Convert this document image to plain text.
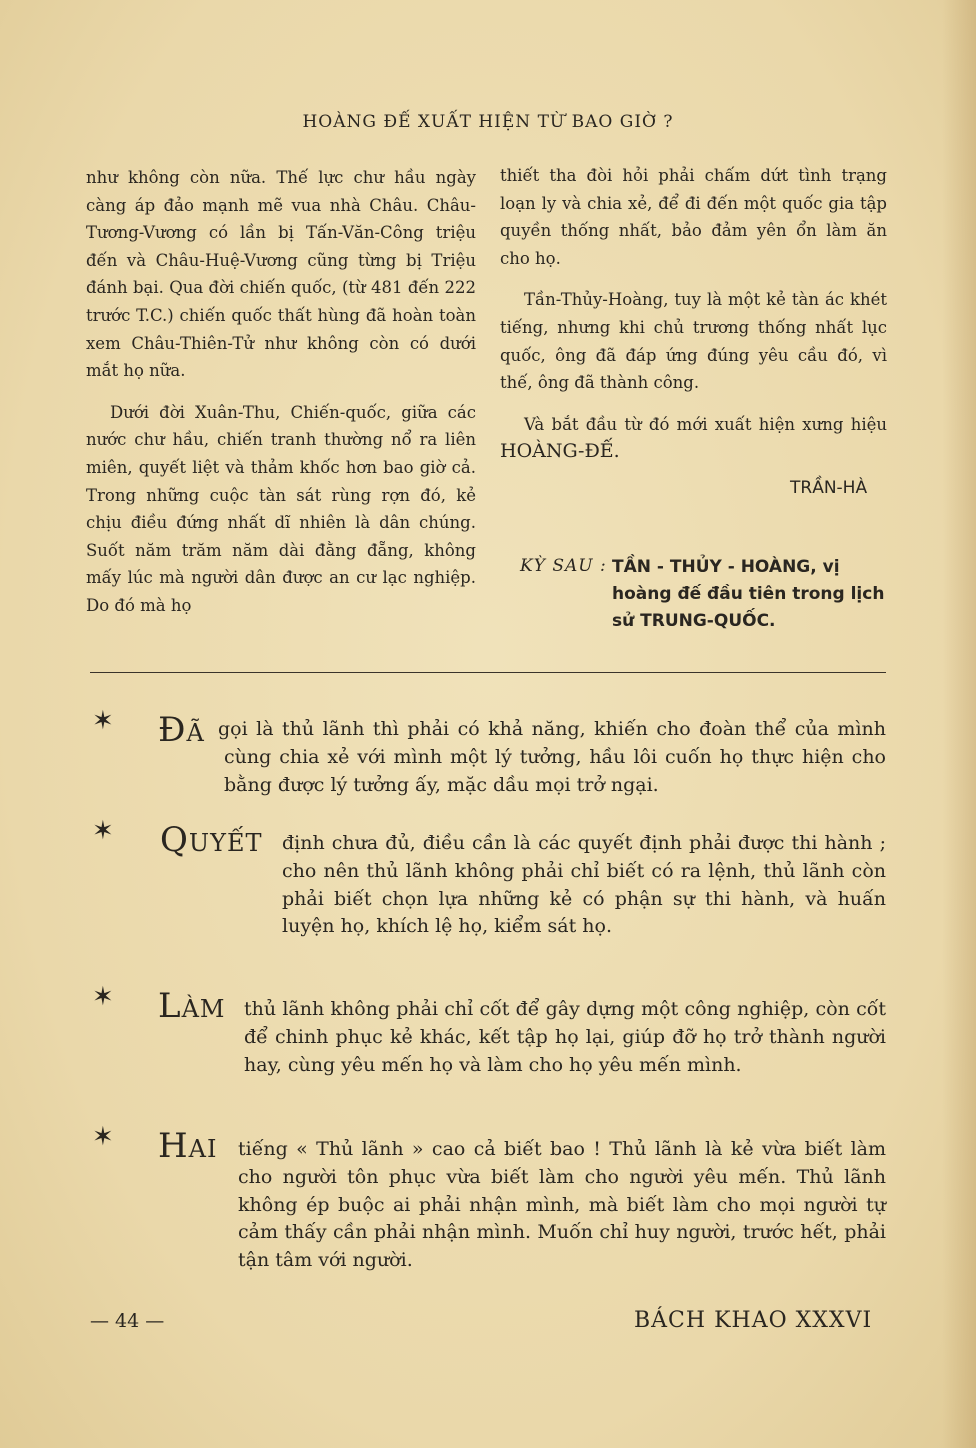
HOÀNG ĐẾ XUẤT HIỆN TỪ BAO GIỜ ?

như không còn nữa. Thế lực chư hầu ngày càng áp đảo mạnh mẽ vua nhà Châu. Châu-Tương-Vương có lần bị Tấn-Văn-Công triệu đến và Châu-Huệ-Vương cũng từng bị Triệu đánh bại. Qua đời chiến quốc, (từ 481 đến 222 trước T.C.) chiến quốc thất hùng đã hoàn toàn xem Châu-Thiên-Tử như không còn có dưới mắt họ nữa.

Dưới đời Xuân-Thu, Chiến-quốc, giữa các nước chư hầu, chiến tranh thường nổ ra liên miên, quyết liệt và thảm khốc hơn bao giờ cả. Trong những cuộc tàn sát rùng rợn đó, kẻ chịu điều đứng nhất dĩ nhiên là dân chúng. Suốt năm trăm năm dài đằng đẵng, không mấy lúc mà người dân được an cư lạc nghiệp. Do đó mà họ

thiết tha đòi hỏi phải chấm dứt tình trạng loạn ly và chia xẻ, để đi đến một quốc gia tập quyền thống nhất, bảo đảm yên ổn làm ăn cho họ.

Tần-Thủy-Hoàng, tuy là một kẻ tàn ác khét tiếng, nhưng khi chủ trương thống nhất lục quốc, ông đã đáp ứng đúng yêu cầu đó, vì thế, ông đã thành công.

Và bắt đầu từ đó mới xuất hiện xưng hiệu HOÀNG-ĐẾ.

TRẦN-HÀ
KỲ SAU : TẦN - THỦY - HOÀNG, vị hoàng đế đầu tiên trong lịch sử TRUNG-QUỐC.
✶ ĐÃ gọi là thủ lãnh thì phải có khả năng, khiến cho đoàn thể của mình cùng chia xẻ với mình một lý tưởng, hầu lôi cuốn họ thực hiện cho bằng được lý tưởng ấy, mặc dầu mọi trở ngại.
✶ QUYẾT định chưa đủ, điều cần là các quyết định phải được thi hành ; cho nên thủ lãnh không phải chỉ biết có ra lệnh, thủ lãnh còn phải biết chọn lựa những kẻ có phận sự thi hành, và huấn luyện họ, khích lệ họ, kiểm sát họ.
✶ LÀM thủ lãnh không phải chỉ cốt để gây dựng một công nghiệp, còn cốt để chinh phục kẻ khác, kết tập họ lại, giúp đỡ họ trở thành người hay, cùng yêu mến họ và làm cho họ yêu mến mình.
✶ HAI tiếng « Thủ lãnh » cao cả biết bao ! Thủ lãnh là kẻ vừa biết làm cho người tôn phục vừa biết làm cho người yêu mến. Thủ lãnh không ép buộc ai phải nhận mình, mà biết làm cho mọi người tự cảm thấy cần phải nhận mình. Muốn chỉ huy người, trước hết, phải tận tâm với người.
— 44 —	BÁCH KHAO XXXVI
